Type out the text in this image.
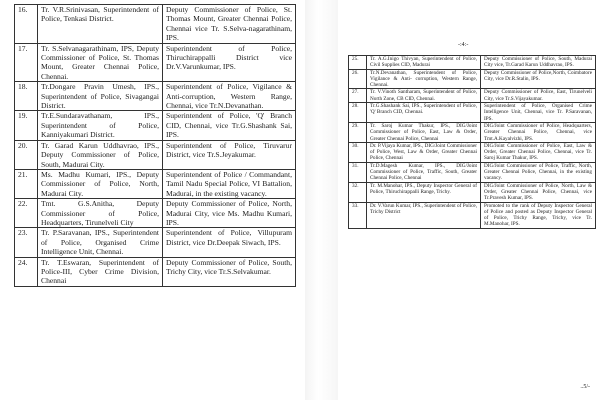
16.	Tr. V.R.Srinivasan, Superintendent of Police, Tenkasi District.	Deputy Commissioner of Police, St. Thomas Mount, Greater Chennai Police, Chennai vice Tr. S.Selva-nagarathinam, IPS.
17.	Tr. S.Selvanagarathinam, IPS, Deputy Commissioner of Police, St. Thomas Mount, Greater Chennai Police, Chennai.	Superintendent of Police, Thiruchirappalli District vice Dr.V.Varunkumar, IPS.
18.	Tr.Dongare Pravin Umesh, IPS., Superintendent of Police, Sivagangai District.	Superintendent of Police, Vigilance & Anti-corruption, Western Range, Chennai, vice Tr.N.Devanathan.
19.	Tr.E.Sundaravathanam, IPS., Superintendent of Police, Kanniyakumari District.	Superintendent of Police, 'Q' Branch CID, Chennai, vice Tr.G.Shashank Sai, IPS.
20.	Tr. Garad Karun Uddhavrao, IPS., Deputy Commissioner of Police, South, Madurai City.	Superintendent of Police, Tiruvarur District, vice Tr.S.Jeyakumar.
21.	Ms. Madhu Kumari, IPS., Deputy Commissioner of Police, North, Madurai City.	Superintendent of Police / Commandant, Tamil Nadu Special Police, VI Battalion, Madurai, in the existing vacancy.
22.	Tmt. G.S.Anitha, Deputy Commissioner of Police, Headquarters, Tirunelveli City	Deputy Commissioner of Police, North, Madurai City, vice Ms. Madhu Kumari, IPS.
23.	Tr. P.Saravanan, IPS., Superintendent of Police, Organised Crime Intelligence Unit, Chennai.	Superintendent of Police, Villupuram District, vice Dr.Deepak Siwach, IPS.
24.	Tr. T.Eswaran, Superintendent of Police-III, Cyber Crime Division, Chennai	Deputy Commissioner of Police, South, Trichy City, vice Tr.S.Selvakumar.
-:4:-
25.	Tr. A.G.Inigo Thivyan, Superintendent of Police, Civil Supplies CID, Madurai	Deputy Commissioner of Police, South, Madurai City vice, Tr.Garad Karun Uddhavrao, IPS.
26.	Tr.N.Devanathan, Superintendent of Police, Vigilance & Anti- corruption, Western Range, Chennai.	Deputy Commissioner of Police,North, Coimbatore City, vice Dr.R.Stalin, IPS.
27.	Tr. V.Vinoth Santharam, Superintendent of Police, North Zone, CB CID, Chennai.	Deputy Commissioner of Police, East, Tirunelveli City, vice Tr.S.Vijayakumar.
28.	Tr.G.Shashank Sai, IPS., Superintendent of Police, 'Q' Branch CID, Chennai.	Superintendent of Police, Organised Crime Intelligence Unit, Chennai, vice Tr. P.Saravanan, IPS.
29.	Tr. Saroj Kumar Thakur, IPS., DIG/Joint Commissioner of Police, East, Law & Order, Greater Chennai Police, Chennai	DIG/Joint Commissioner of Police, Headquarters, Greater Chennai Police, Chennai, vice Tmt.A.Kayalvizhi, IPS.
30.	Dr. P.Vijaya Kumar, IPS., DIG/Joint Commissioner of Police, West, Law & Order, Greater Chennai Police, Chennai	DIG/Joint Commissioner of Police, East, Law & Order, Greater Chennai Police, Chennai, vice Tr. Saroj Kumar Thakur, IPS.
31.	Tr.D.Magesh Kumar, IPS., DIG/Joint Commissioner of Police, Traffic, South, Greater Chennai Police, Chennai	DIG/Joint Commissioner of Police, Traffic, North, Greater Chennai Police, Chennai, in the existing vacancy.
32.	Tr. M.Manohar, IPS., Deputy Inspector General of Police, Thiruchirappalli Range, Trichy.	DIG/Joint Commissioner of Police, North, Law & Order, Greater Chennai Police, Chennai, vice Tr.Pravesh Kumar, IPS.
33.	Dr. V.Varun Kumar, IPS., Superintendent of Police, Trichy District	Promoted to the rank of Deputy Inspector General of Police and posted as Deputy Inspector General of Police, Trichy Range, Trichy, vice Tr. M.Manohar, IPS.
..5/-
